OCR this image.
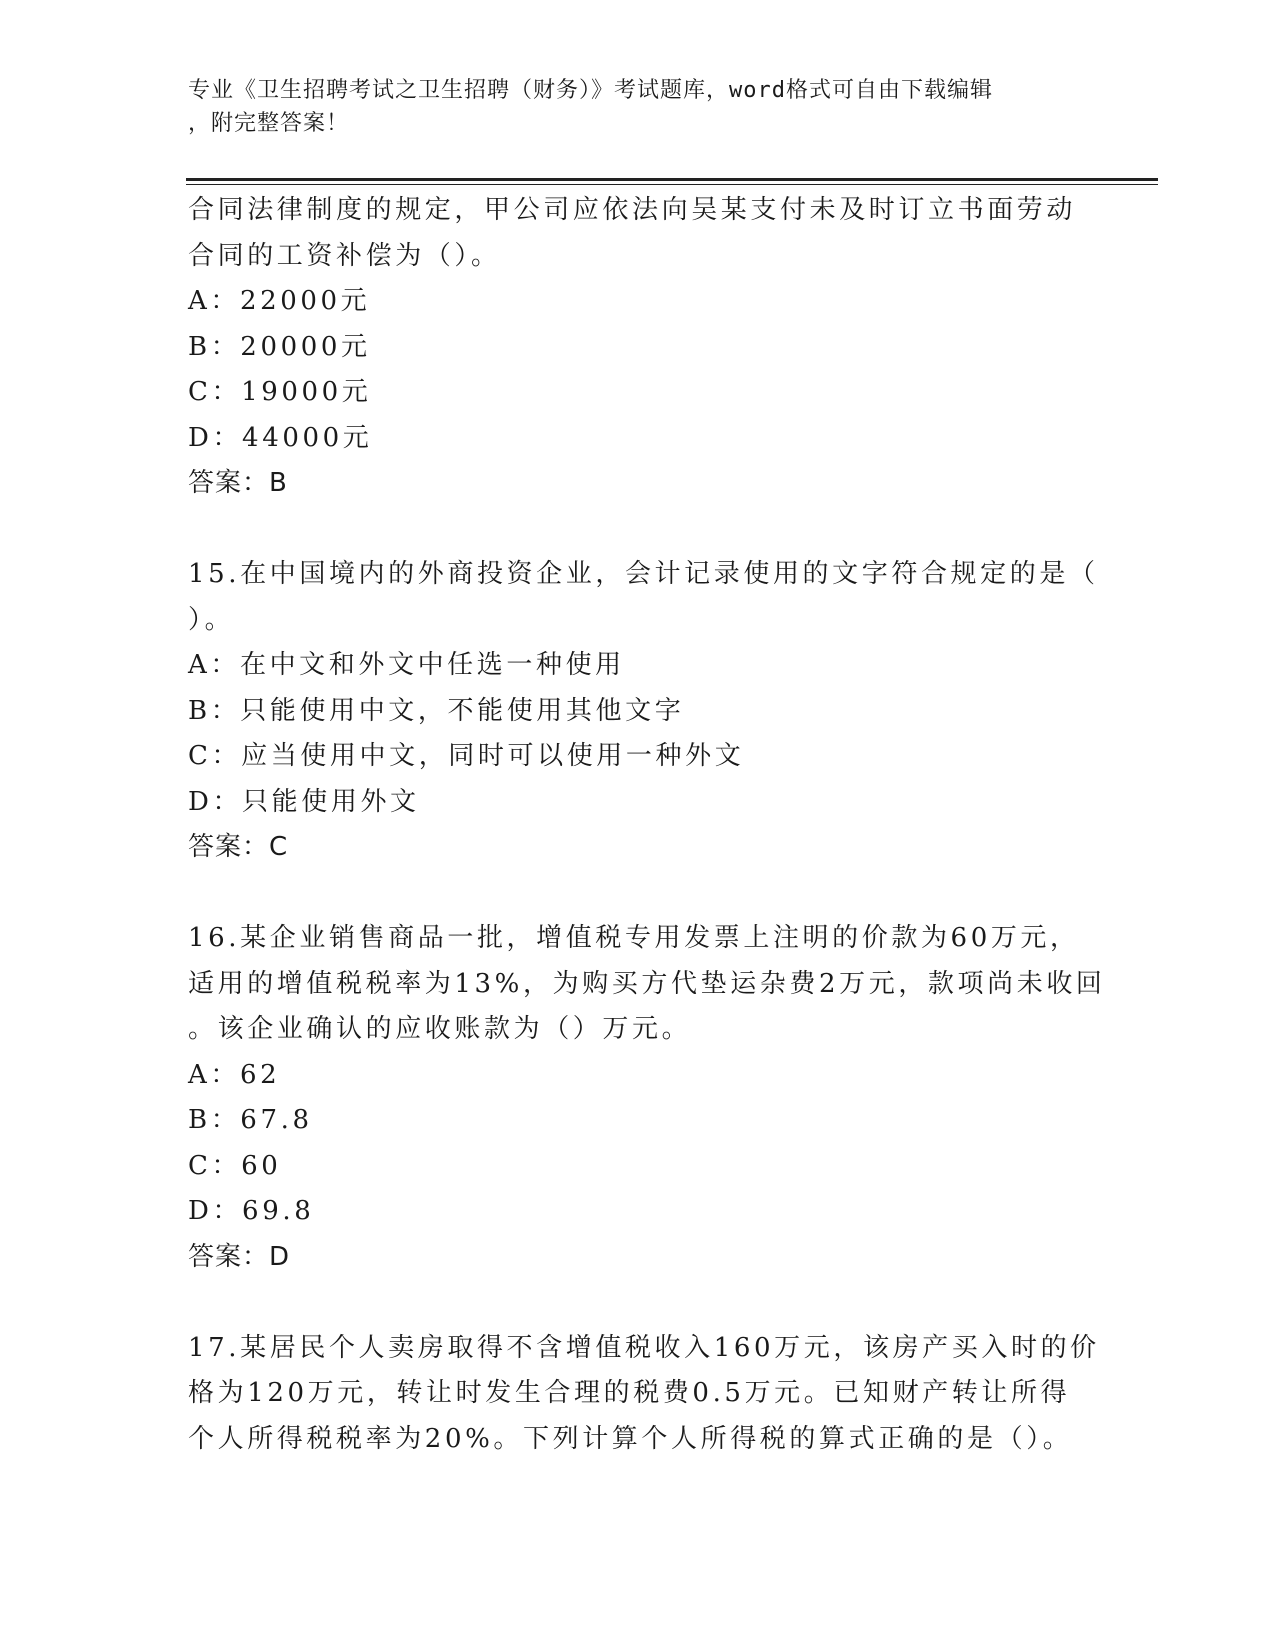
专业《卫生招聘考试之卫生招聘（财务）》考试题库，word格式可自由下载编辑
，附完整答案！

合同法律制度的规定，甲公司应依法向吴某支付未及时订立书面劳动

合同的工资补偿为（）。

A：22000元

B：20000元

C：19000元

D：44000元

答案：B

15.在中国境内的外商投资企业，会计记录使用的文字符合规定的是（

）。

A：在中文和外文中任选一种使用

B：只能使用中文，不能使用其他文字

C：应当使用中文，同时可以使用一种外文

D：只能使用外文

答案：C

16.某企业销售商品一批，增值税专用发票上注明的价款为60万元，

适用的增值税税率为13%，为购买方代垫运杂费2万元，款项尚未收回

。该企业确认的应收账款为（）万元。

A：62

B：67.8

C：60

D：69.8

答案：D

17.某居民个人卖房取得不含增值税收入160万元，该房产买入时的价

格为120万元，转让时发生合理的税费0.5万元。已知财产转让所得

个人所得税税率为20%。下列计算个人所得税的算式正确的是（）。
